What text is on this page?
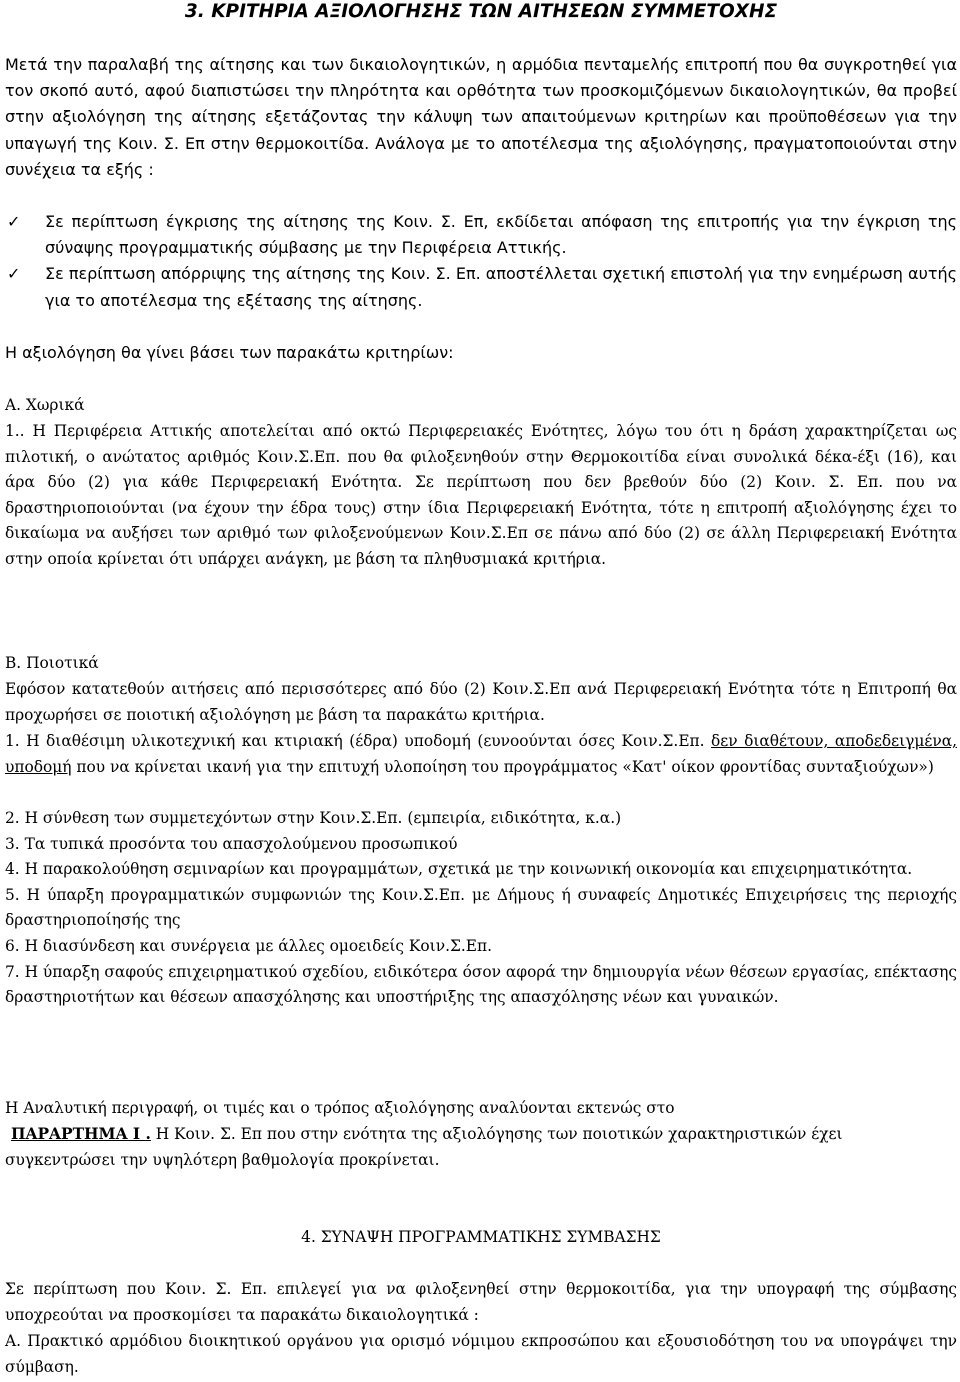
3. ΚΡΙΤΗΡΙΑ ΑΞΙΟΛΟΓΗΣΗΣ ΤΩΝ ΑΙΤΗΣΕΩΝ ΣΥΜΜΕΤΟΧΗΣ

Μετά την παραλαβή της αίτησης και των δικαιολογητικών, η αρμόδια πενταμελής επιτροπή που θα συγκροτηθεί για τον σκοπό αυτό, αφού διαπιστώσει την πληρότητα και ορθότητα των προσκομιζόμενων δικαιολογητικών, θα προβεί στην αξιολόγηση της αίτησης εξετάζοντας την κάλυψη των απαιτούμενων κριτηρίων και προϋποθέσεων για την υπαγωγή της Κοιν. Σ. Επ στην θερμοκοιτίδα. Ανάλογα με το αποτέλεσμα της αξιολόγησης, πραγματοποιούνται στην συνέχεια τα εξής :

✓ Σε περίπτωση έγκρισης της αίτησης της Κοιν. Σ. Επ, εκδίδεται απόφαση της επιτροπής για την έγκριση της σύναψης προγραμματικής σύμβασης με την Περιφέρεια Αττικής.

✓ Σε περίπτωση απόρριψης της αίτησης της Κοιν. Σ. Επ. αποστέλλεται σχετική επιστολή για την ενημέρωση αυτής για το αποτέλεσμα της εξέτασης της αίτησης.

Η αξιολόγηση θα γίνει βάσει των παρακάτω κριτηρίων:

Α. Χωρικά

1.. Η Περιφέρεια Αττικής αποτελείται από οκτώ Περιφερειακές Ενότητες, λόγω του ότι η δράση χαρακτηρίζεται ως πιλοτική, ο ανώτατος αριθμός Κοιν.Σ.Επ. που θα φιλοξενηθούν στην Θερμοκοιτίδα είναι συνολικά δέκα-έξι (16), και άρα δύο (2) για κάθε Περιφερειακή Ενότητα. Σε περίπτωση που δεν βρεθούν δύο (2) Κοιν. Σ. Επ. που να δραστηριοποιούνται (να έχουν την έδρα τους) στην ίδια Περιφερειακή Ενότητα, τότε η επιτροπή αξιολόγησης έχει το δικαίωμα να αυξήσει των αριθμό των φιλοξενούμενων Κοιν.Σ.Επ σε πάνω από δύο (2) σε άλλη Περιφερειακή Ενότητα στην οποία κρίνεται ότι υπάρχει ανάγκη, με βάση τα πληθυσμιακά κριτήρια.

Β. Ποιοτικά

Εφόσον κατατεθούν αιτήσεις από περισσότερες από δύο (2) Κοιν.Σ.Επ ανά Περιφερειακή Ενότητα τότε η Επιτροπή θα προχωρήσει σε ποιοτική αξιολόγηση με βάση τα παρακάτω κριτήρια.

1. Η διαθέσιμη υλικοτεχνική και κτιριακή (έδρα) υποδομή (ευνοούνται όσες Κοιν.Σ.Επ. δεν διαθέτουν, αποδεδειγμένα, υποδομή που να κρίνεται ικανή για την επιτυχή υλοποίηση του προγράμματος «Κατ' οίκον φροντίδας συνταξιούχων»)

2. Η σύνθεση των συμμετεχόντων στην Κοιν.Σ.Επ. (εμπειρία, ειδικότητα, κ.α.)

3. Τα τυπικά προσόντα του απασχολούμενου προσωπικού

4. Η παρακολούθηση σεμιναρίων και προγραμμάτων, σχετικά με την κοινωνική οικονομία και επιχειρηματικότητα.

5. Η ύπαρξη προγραμματικών συμφωνιών της Κοιν.Σ.Επ. με Δήμους ή συναφείς Δημοτικές Επιχειρήσεις της περιοχής δραστηριοποίησής της

6. Η διασύνδεση και συνέργεια με άλλες ομοειδείς Κοιν.Σ.Επ.

7. Η ύπαρξη σαφούς επιχειρηματικού σχεδίου, ειδικότερα όσον αφορά την δημιουργία νέων θέσεων εργασίας, επέκτασης δραστηριοτήτων και θέσεων απασχόλησης και υποστήριξης της απασχόλησης νέων και γυναικών.

Η Αναλυτική περιγραφή, οι τιμές και ο τρόπος αξιολόγησης αναλύονται εκτενώς στο

ΠΑΡΑΡΤΗΜΑ Ι . Η Κοιν. Σ. Επ που στην ενότητα της αξιολόγησης των ποιοτικών χαρακτηριστικών έχει συγκεντρώσει την υψηλότερη βαθμολογία προκρίνεται.

4. ΣΥΝΑΨΗ ΠΡΟΓΡΑΜΜΑΤΙΚΗΣ ΣΥΜΒΑΣΗΣ

Σε περίπτωση που Κοιν. Σ. Επ. επιλεγεί για να φιλοξενηθεί στην θερμοκοιτίδα, για την υπογραφή της σύμβασης υποχρεούται να προσκομίσει τα παρακάτω δικαιολογητικά :

Α. Πρακτικό αρμόδιου διοικητικού οργάνου για ορισμό νόμιμου εκπροσώπου και εξουσιοδότηση του να υπογράψει την σύμβαση.
